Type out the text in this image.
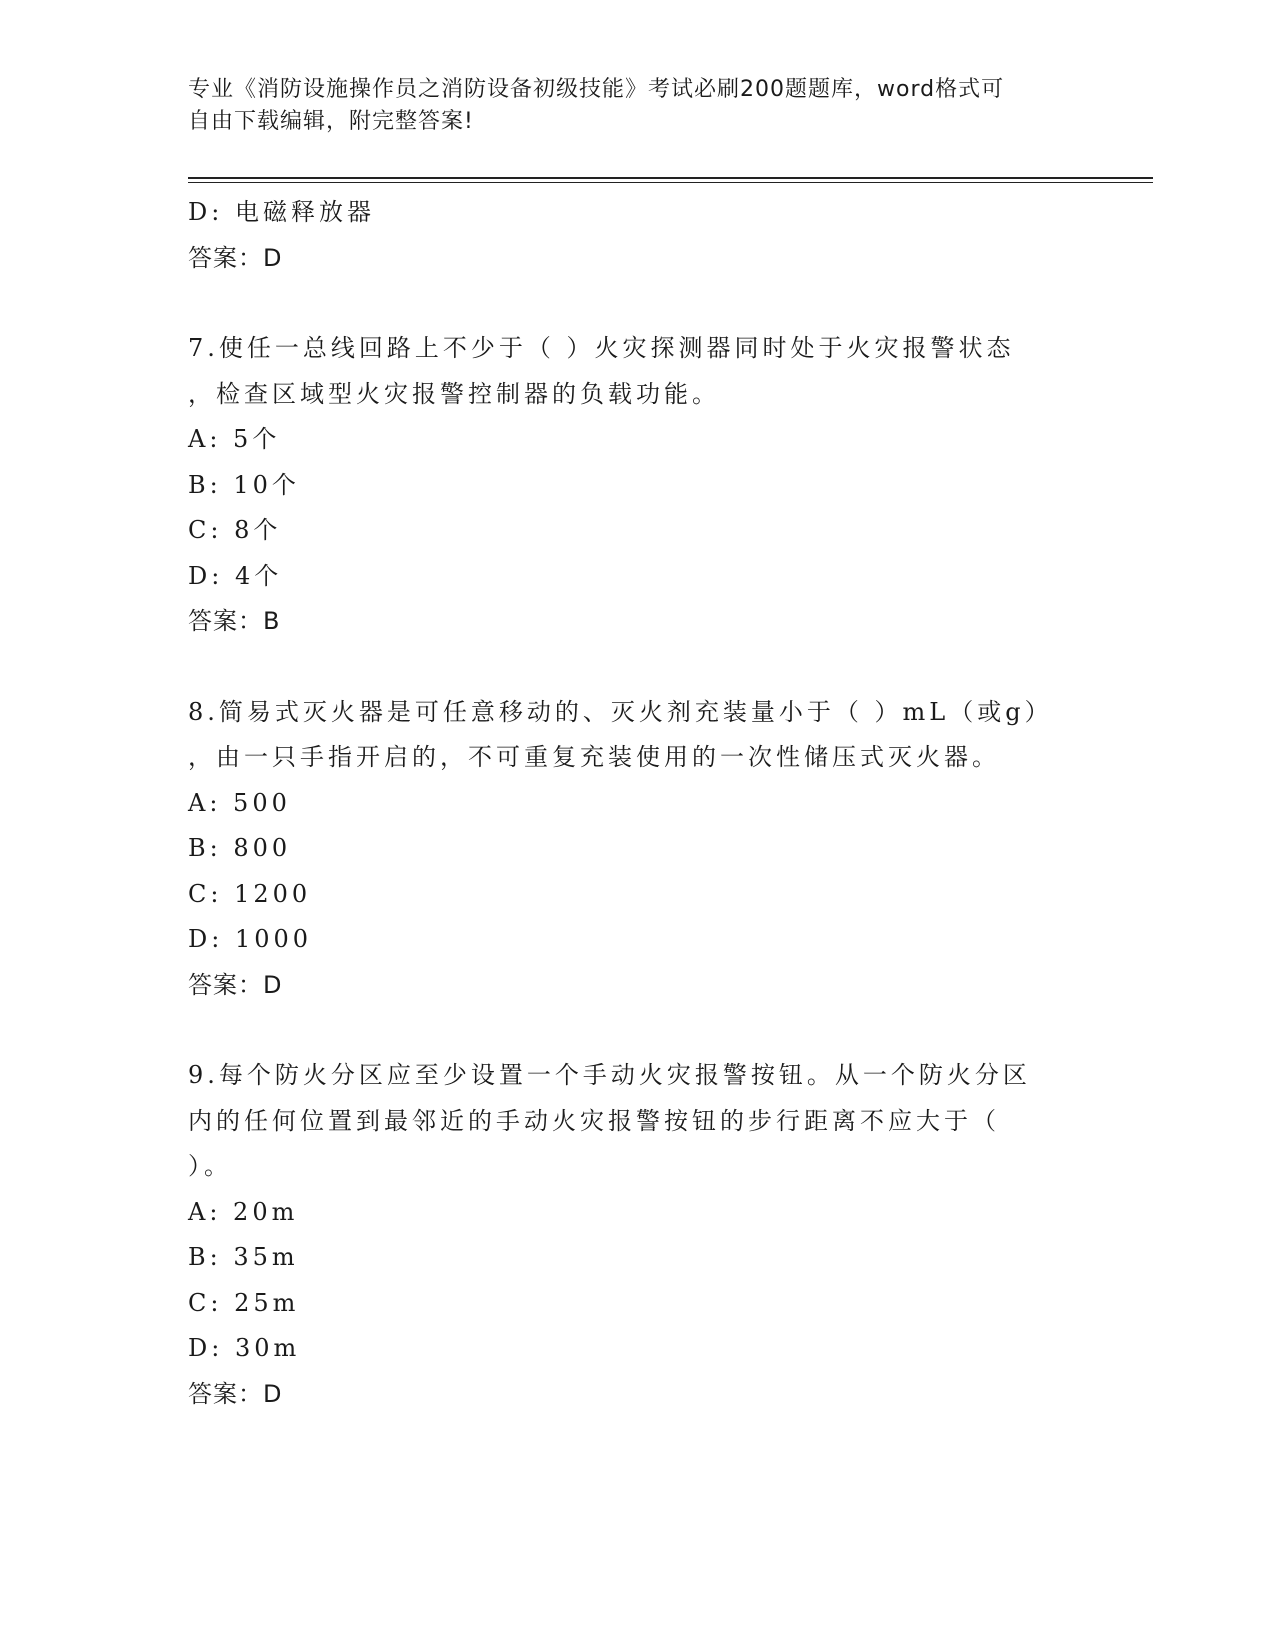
专业《消防设施操作员之消防设备初级技能》考试必刷200题题库，word格式可
自由下载编辑，附完整答案!
D: 电磁释放器
答案：D
7.使任一总线回路上不少于（ ）火灾探测器同时处于火灾报警状态
，检查区域型火灾报警控制器的负载功能。
A: 5个
B: 10个
C: 8个
D: 4个
答案：B
8.简易式灭火器是可任意移动的、灭火剂充装量小于（ ）mL（或g）
，由一只手指开启的，不可重复充装使用的一次性储压式灭火器。
A: 500
B: 800
C: 1200
D: 1000
答案：D
9.每个防火分区应至少设置一个手动火灾报警按钮。从一个防火分区
内的任何位置到最邻近的手动火灾报警按钮的步行距离不应大于（
）。
A: 20m
B: 35m
C: 25m
D: 30m
答案：D
